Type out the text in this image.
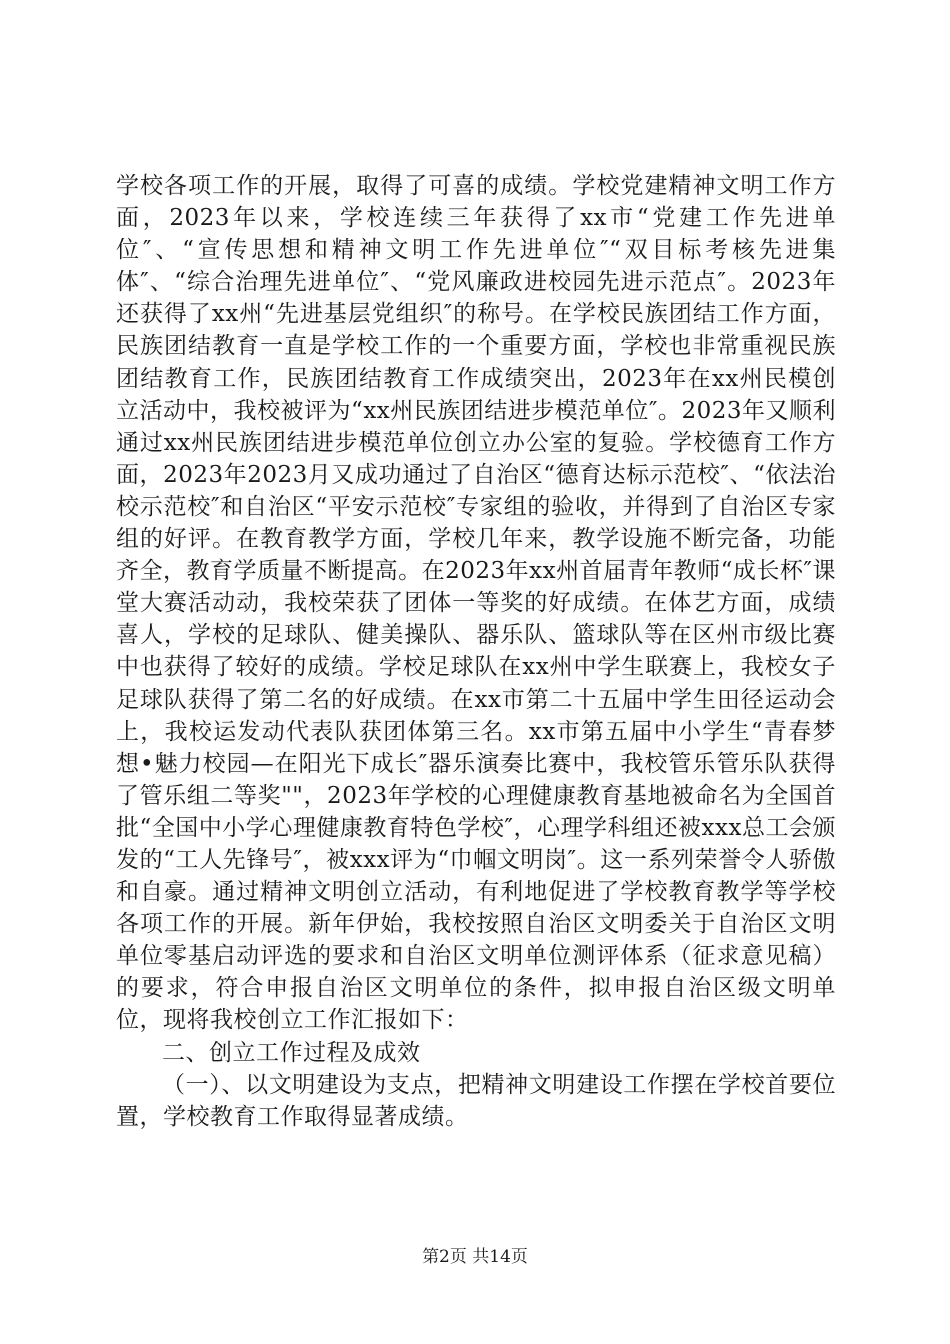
学校各项工作的开展，取得了可喜的成绩。学校党建精神文明工作方面，2023年以来，学校连续三年获得了xx市“党建工作先进单位″、“宣传思想和精神文明工作先进单位″“双目标考核先进集体″、“综合治理先进单位″、“党风廉政进校园先进示范点″。2023年还获得了xx州“先进基层党组织″的称号。在学校民族团结工作方面，民族团结教育一直是学校工作的一个重要方面，学校也非常重视民族团结教育工作，民族团结教育工作成绩突出，2023年在xx州民模创立活动中，我校被评为“xx州民族团结进步模范单位″。2023年又顺利通过xx州民族团结进步模范单位创立办公室的复验。学校德育工作方面，2023年2023月又成功通过了自治区“德育达标示范校″、“依法治校示范校″和自治区“平安示范校″专家组的验收，并得到了自治区专家组的好评。在教育教学方面，学校几年来，教学设施不断完备，功能齐全，教育学质量不断提高。在2023年xx州首届青年教师“成长杯″课堂大赛活动动，我校荣获了团体一等奖的好成绩。在体艺方面，成绩喜人，学校的足球队、健美操队、器乐队、篮球队等在区州市级比赛中也获得了较好的成绩。学校足球队在xx州中学生联赛上，我校女子足球队获得了第二名的好成绩。在xx市第二十五届中学生田径运动会上，我校运发动代表队获团体第三名。xx市第五届中小学生“青春梦想•魅力校园—在阳光下成长″器乐演奏比赛中，我校管乐管乐队获得了管乐组二等奖""，2023年学校的心理健康教育基地被命名为全国首批“全国中小学心理健康教育特色学校″，心理学科组还被xxx总工会颁发的“工人先锋号″，被xxx评为“巾帼文明岗″。这一系列荣誉令人骄傲和自豪。通过精神文明创立活动，有利地促进了学校教育教学等学校各项工作的开展。新年伊始，我校按照自治区文明委关于自治区文明单位零基启动评选的要求和自治区文明单位测评体系（征求意见稿）的要求，符合申报自治区文明单位的条件，拟申报自治区级文明单位，现将我校创立工作汇报如下：

二、创立工作过程及成效

（一）、以文明建设为支点，把精神文明建设工作摆在学校首要位置，学校教育工作取得显著成绩。

第2页 共14页
